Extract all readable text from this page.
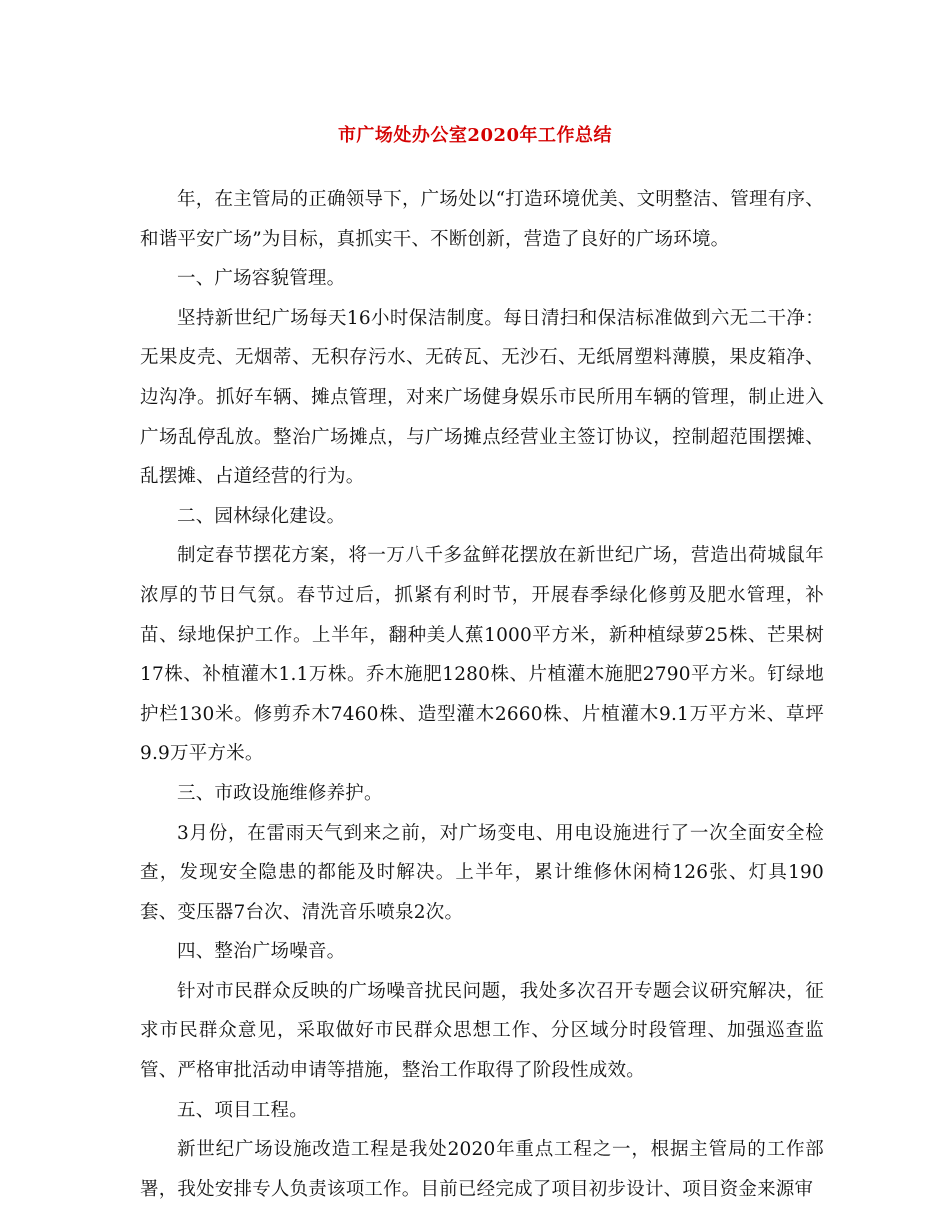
市广场处办公室2020年工作总结

年，在主管局的正确领导下，广场处以“打造环境优美、文明整洁、管理有序、和谐平安广场”为目标，真抓实干、不断创新，营造了良好的广场环境。

一、广场容貌管理。

坚持新世纪广场每天16小时保洁制度。每日清扫和保洁标准做到六无二干净：无果皮壳、无烟蒂、无积存污水、无砖瓦、无沙石、无纸屑塑料薄膜，果皮箱净、边沟净。抓好车辆、摊点管理，对来广场健身娱乐市民所用车辆的管理，制止进入广场乱停乱放。整治广场摊点，与广场摊点经营业主签订协议，控制超范围摆摊、乱摆摊、占道经营的行为。

二、园林绿化建设。

制定春节摆花方案，将一万八千多盆鲜花摆放在新世纪广场，营造出荷城鼠年浓厚的节日气氛。春节过后，抓紧有利时节，开展春季绿化修剪及肥水管理，补苗、绿地保护工作。上半年，翻种美人蕉1000平方米，新种植绿萝25株、芒果树17株、补植灌木1.1万株。乔木施肥1280株、片植灌木施肥2790平方米。钉绿地护栏130米。修剪乔木7460株、造型灌木2660株、片植灌木9.1万平方米、草坪9.9万平方米。

三、市政设施维修养护。

3月份，在雷雨天气到来之前，对广场变电、用电设施进行了一次全面安全检查，发现安全隐患的都能及时解决。上半年，累计维修休闲椅126张、灯具190套、变压器7台次、清洗音乐喷泉2次。

四、整治广场噪音。

针对市民群众反映的广场噪音扰民问题，我处多次召开专题会议研究解决，征求市民群众意见，采取做好市民群众思想工作、分区域分时段管理、加强巡查监管、严格审批活动申请等措施，整治工作取得了阶段性成效。

五、项目工程。

新世纪广场设施改造工程是我处2020年重点工程之一，根据主管局的工作部署，我处安排专人负责该项工作。目前已经完成了项目初步设计、项目资金来源审
